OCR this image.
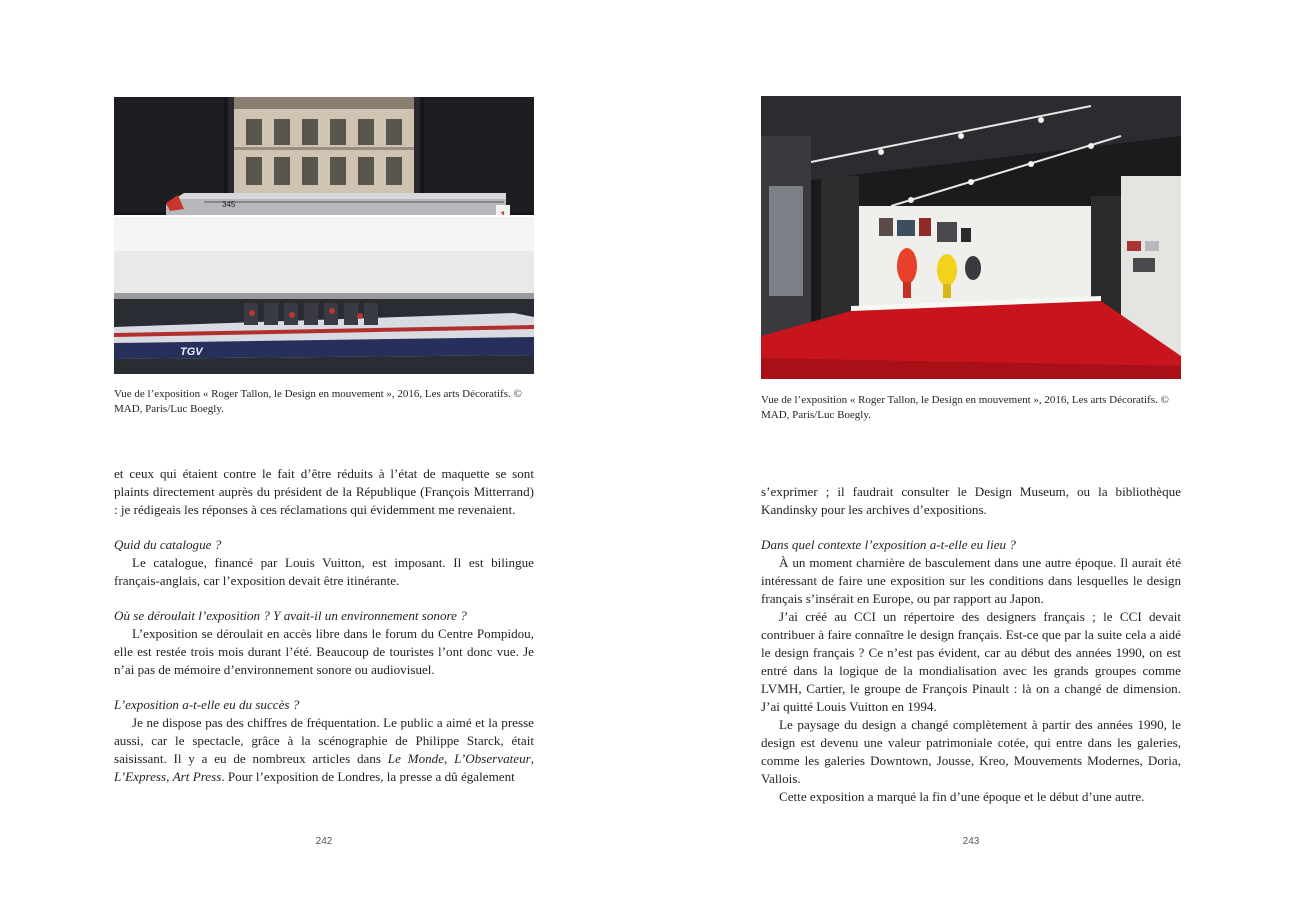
345
TGV
Vue de l’exposition « Roger Tallon, le Design en mouvement », 2016, Les arts Décoratifs. © MAD, Paris/Luc Boegly.

et ceux qui étaient contre le fait d’être réduits à l’état de maquette se sont plaints directement auprès du président de la République (François Mitterrand) : je rédigeais les réponses à ces réclamations qui évidemment me revenaient.

Quid du catalogue ?

Le catalogue, financé par Louis Vuitton, est imposant. Il est bilingue français-anglais, car l’exposition devait être itinérante.

Où se déroulait l’exposition ? Y avait-il un environnement sonore ?

L’exposition se déroulait en accès libre dans le forum du Centre Pompidou, elle est restée trois mois durant l’été. Beaucoup de touristes l’ont donc vue. Je n’ai pas de mémoire d’environnement sonore ou audiovisuel.

L’exposition a-t-elle eu du succès ?

Je ne dispose pas des chiffres de fréquentation. Le public a aimé et la presse aussi, car le spectacle, grâce à la scénographie de Philippe Starck, était saisissant. Il y a eu de nombreux articles dans Le Monde, L’Observateur, L’Express, Art Press. Pour l’exposition de Londres, la presse a dû également

242
Vue de l’exposition « Roger Tallon, le Design en mouvement », 2016, Les arts Décoratifs. © MAD, Paris/Luc Boegly.

s’exprimer ; il faudrait consulter le Design Museum, ou la bibliothèque Kandinsky pour les archives d’expositions.

Dans quel contexte l’exposition a-t-elle eu lieu ?

À un moment charnière de basculement dans une autre époque. Il aurait été intéressant de faire une exposition sur les conditions dans lesquelles le design français s’insérait en Europe, ou par rapport au Japon.

J’ai créé au CCI un répertoire des designers français ; le CCI devait contribuer à faire connaître le design français. Est-ce que par la suite cela a aidé le design français ? Ce n’est pas évident, car au début des années 1990, on est entré dans la logique de la mondialisation avec les grands groupes comme LVMH, Cartier, le groupe de François Pinault : là on a changé de dimension. J’ai quitté Louis Vuitton en 1994.

Le paysage du design a changé complètement à partir des années 1990, le design est devenu une valeur patrimoniale cotée, qui entre dans les galeries, comme les galeries Downtown, Jousse, Kreo, Mouvements Modernes, Doria, Vallois.

Cette exposition a marqué la fin d’une époque et le début d’une autre.

243
